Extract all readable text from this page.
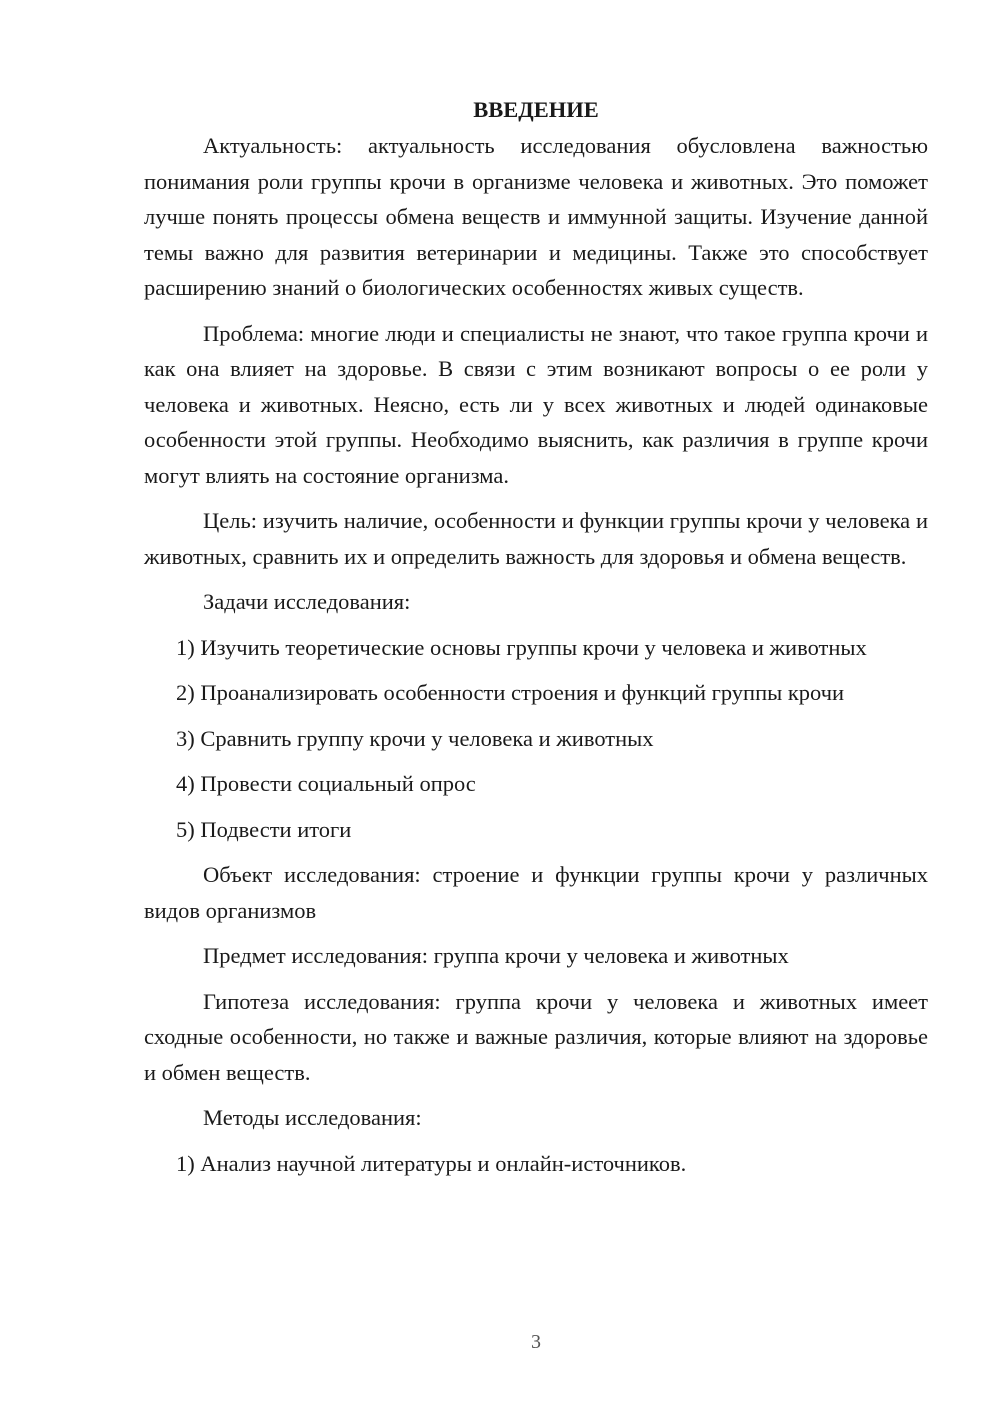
ВВЕДЕНИЕ

Актуальность: актуальность исследования обусловлена важностью понимания роли группы крочи в организме человека и животных. Это поможет лучше понять процессы обмена веществ и иммунной защиты. Изучение данной темы важно для развития ветеринарии и медицины. Также это способствует расширению знаний о биологических особенностях живых существ.

Проблема: многие люди и специалисты не знают, что такое группа крочи и как она влияет на здоровье. В связи с этим возникают вопросы о ее роли у человека и животных. Неясно, есть ли у всех животных и людей одинаковые особенности этой группы. Необходимо выяснить, как различия в группе крочи могут влиять на состояние организма.

Цель: изучить наличие, особенности и функции группы крочи у человека и животных, сравнить их и определить важность для здоровья и обмена веществ.

Задачи исследования:

1) Изучить теоретические основы группы крочи у человека и животных

2) Проанализировать особенности строения и функций группы крочи

3) Сравнить группу крочи у человека и животных

4) Провести социальный опрос

5) Подвести итоги

Объект исследования: строение и функции группы крочи у различных видов организмов

Предмет исследования: группа крочи у человека и животных

Гипотеза исследования: группа крочи у человека и животных имеет сходные особенности, но также и важные различия, которые влияют на здоровье и обмен веществ.

Методы исследования:

1) Анализ научной литературы и онлайн-источников.

3
